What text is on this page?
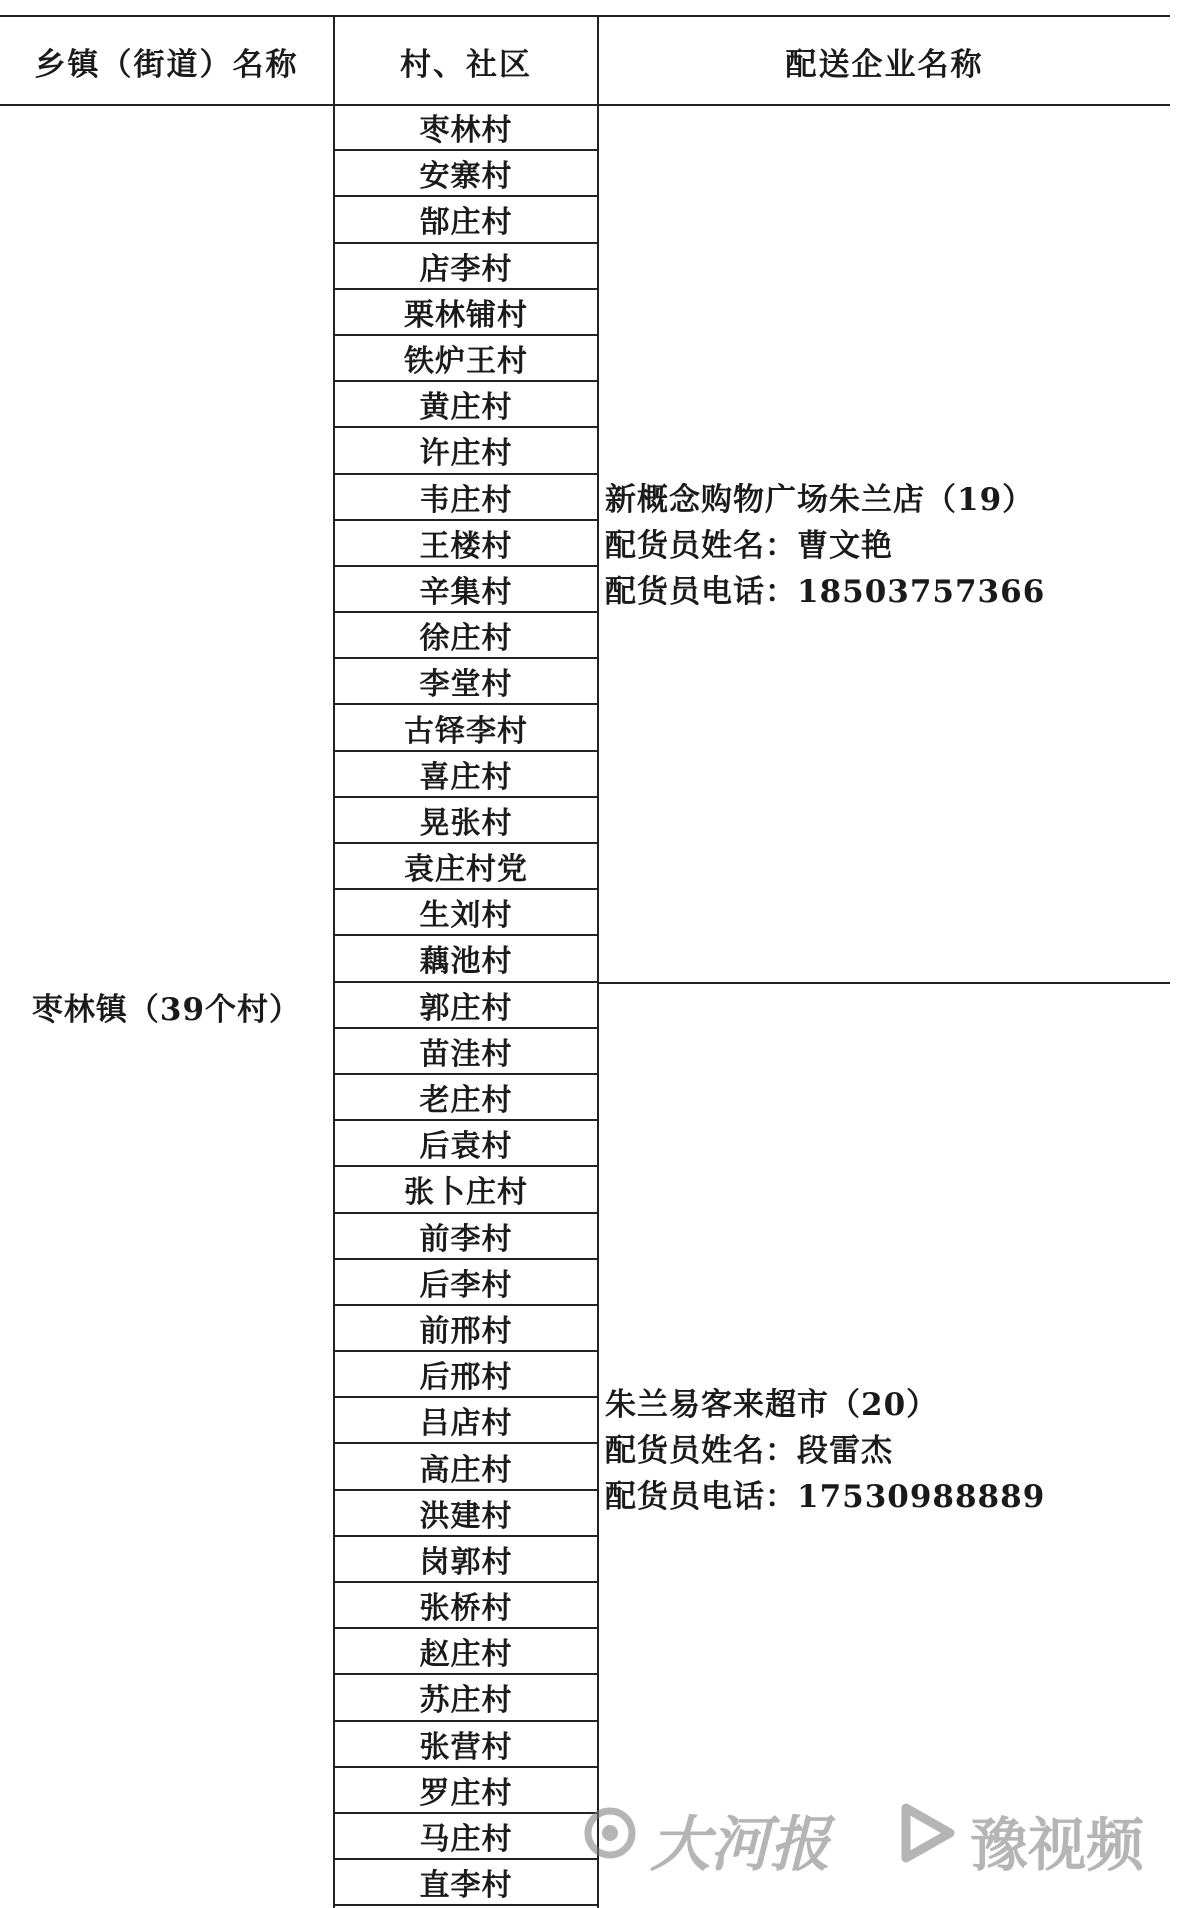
乡镇（街道）名称	村、社区	配送企业名称
枣林镇（39个村）
枣林村
安寨村
郜庄村
店李村
栗林铺村
铁炉王村
黄庄村
许庄村
韦庄村
王楼村
辛集村
徐庄村
李堂村
古铎李村
喜庄村
晃张村
袁庄村党
生刘村
藕池村
郭庄村
苗洼村
老庄村
后袁村
张卜庄村
前李村
后李村
前邢村
后邢村
吕店村
高庄村
洪建村
岗郭村
张桥村
赵庄村
苏庄村
张营村
罗庄村
马庄村
直李村
新概念购物广场朱兰店（19）
配货员姓名：曹文艳
配货员电话：18503757366
朱兰易客来超市（20）
配货员姓名：段雷杰
配货员电话：17530988889
大河报 豫视频
